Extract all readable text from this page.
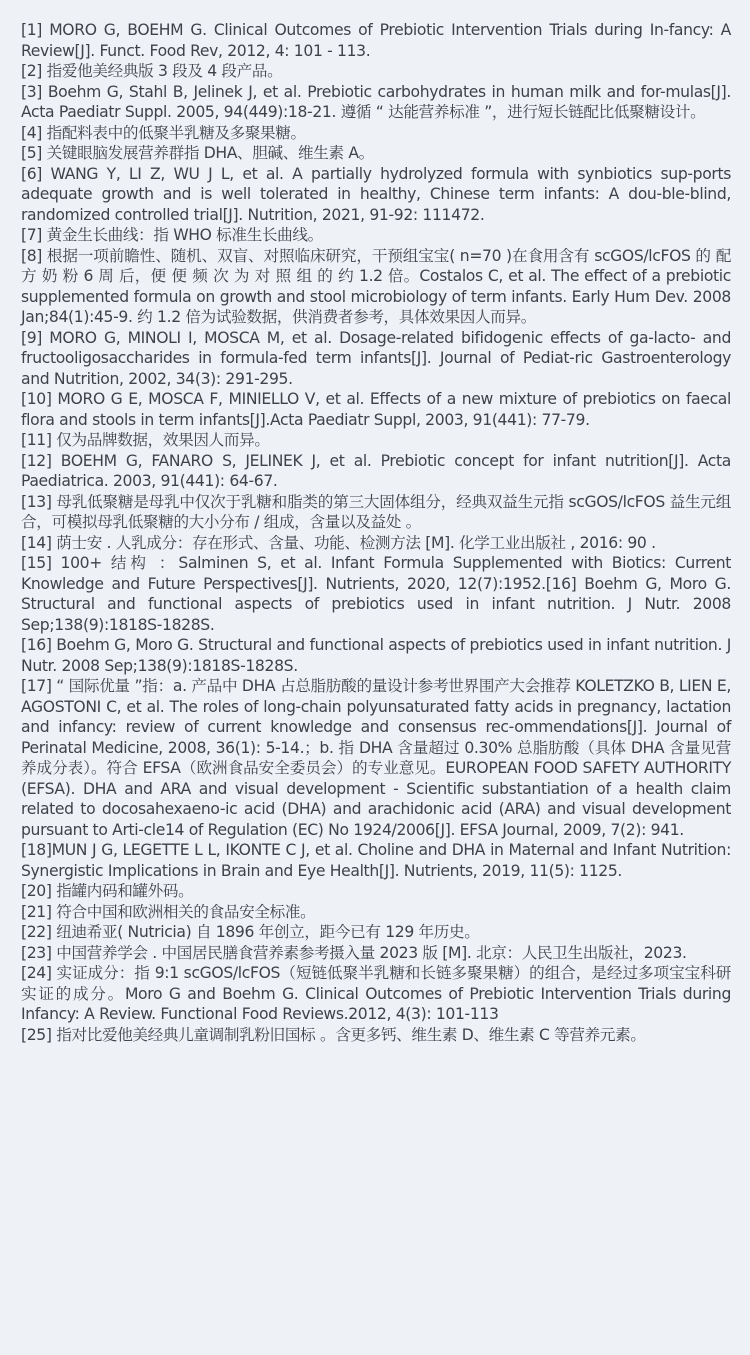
[1] MORO G, BOEHM G. Clinical Outcomes of Prebiotic Intervention Trials during In-fancy: A Review[J]. Funct. Food Rev, 2012, 4: 101 - 113.

[2] 指爱他美经典版 3 段及 4 段产品。

[3] Boehm G, Stahl B, Jelinek J, et al. Prebiotic carbohydrates in human milk and for-mulas[J]. Acta Paediatr Suppl. 2005, 94(449):18-21. 遵循 “ 达能营养标准 ”，进行短长链配比低聚糖设计。

[4] 指配料表中的低聚半乳糖及多聚果糖。

[5] 关键眼脑发展营养群指 DHA、胆碱、维生素 A。

[6] WANG Y, LI Z, WU J L, et al. A partially hydrolyzed formula with synbiotics sup-ports adequate growth and is well tolerated in healthy, Chinese term infants: A dou-ble-blind, randomized controlled trial[J]. Nutrition, 2021, 91-92: 111472.

[7] 黄金生长曲线：指 WHO 标准生长曲线。

[8] 根据一项前瞻性、随机、双盲、对照临床研究，干预组宝宝( n=70 )在食用含有 scGOS/lcFOS 的 配 方 奶 粉 6 周 后，便 便 频 次 为 对 照 组 的 约 1.2 倍。Costalos C, et al. The effect of a prebiotic supplemented formula on growth and stool microbiology of term infants. Early Hum Dev. 2008 Jan;84(1):45-9. 约 1.2 倍为试验数据，供消费者参考，具体效果因人而异。

[9] MORO G, MINOLI I, MOSCA M, et al. Dosage-related bifidogenic effects of ga-lacto- and fructooligosaccharides in formula-fed term infants[J]. Journal of Pediat-ric Gastroenterology and Nutrition, 2002, 34(3): 291-295.

[10] MORO G E, MOSCA F, MINIELLO V, et al. Effects of a new mixture of prebiotics on faecal flora and stools in term infants[J].Acta Paediatr Suppl, 2003, 91(441): 77-79.

[11] 仅为品牌数据，效果因人而异。

[12] BOEHM G, FANARO S, JELINEK J, et al. Prebiotic concept for infant nutrition[J]. Acta Paediatrica. 2003, 91(441): 64-67.

[13] 母乳低聚糖是母乳中仅次于乳糖和脂类的第三大固体组分，经典双益生元指 scGOS/lcFOS 益生元组合，可模拟母乳低聚糖的大小分布 / 组成，含量以及益处 。

[14] 荫士安 . 人乳成分：存在形式、含量、功能、检测方法 [M]. 化学工业出版社 , 2016: 90 .

[15] 100+ 结构 ：Salminen S, et al. Infant Formula Supplemented with Biotics: Current Knowledge and Future Perspectives[J]. Nutrients, 2020, 12(7):1952.[16] Boehm G, Moro G. Structural and functional aspects of prebiotics used in infant nutrition. J Nutr. 2008 Sep;138(9):1818S-1828S.

[16] Boehm G, Moro G. Structural and functional aspects of prebiotics used in infant nutrition. J Nutr. 2008 Sep;138(9):1818S-1828S.

[17] “ 国际优量 ”指：a. 产品中 DHA 占总脂肪酸的量设计参考世界围产大会推荐 KOLETZKO B, LIEN E, AGOSTONI C, et al. The roles of long-chain polyunsaturated fatty acids in pregnancy, lactation and infancy: review of current knowledge and consensus rec-ommendations[J]. Journal of Perinatal Medicine, 2008, 36(1): 5-14.；b. 指 DHA 含量超过 0.30% 总脂肪酸（具体 DHA 含量见营养成分表）。符合 EFSA（欧洲食品安全委员会）的专业意见。EUROPEAN FOOD SAFETY AUTHORITY (EFSA). DHA and ARA and visual development - Scientific substantiation of a health claim related to docosahexaeno-ic acid (DHA) and arachidonic acid (ARA) and visual development pursuant to Arti-cle14 of Regulation (EC) No 1924/2006[J]. EFSA Journal, 2009, 7(2): 941.

[18]MUN J G, LEGETTE L L, IKONTE C J, et al. Choline and DHA in Maternal and Infant Nutrition: Synergistic Implications in Brain and Eye Health[J]. Nutrients, 2019, 11(5): 1125.

[20] 指罐内码和罐外码。

[21] 符合中国和欧洲相关的食品安全标准。

[22] 纽迪希亚( Nutricia) 自 1896 年创立，距今已有 129 年历史。

[23] 中国营养学会 . 中国居民膳食营养素参考摄入量 2023 版 [M]. 北京：人民卫生出版社，2023.

[24] 实证成分：指 9:1 scGOS/lcFOS（短链低聚半乳糖和长链多聚果糖）的组合，是经过多项宝宝科研实证的成分。Moro G and Boehm G. Clinical Outcomes of Prebiotic Intervention Trials during Infancy: A Review. Functional Food Reviews.2012, 4(3): 101-113

[25] 指对比爱他美经典儿童调制乳粉旧国标 。含更多钙、维生素 D、维生素 C 等营养元素。
